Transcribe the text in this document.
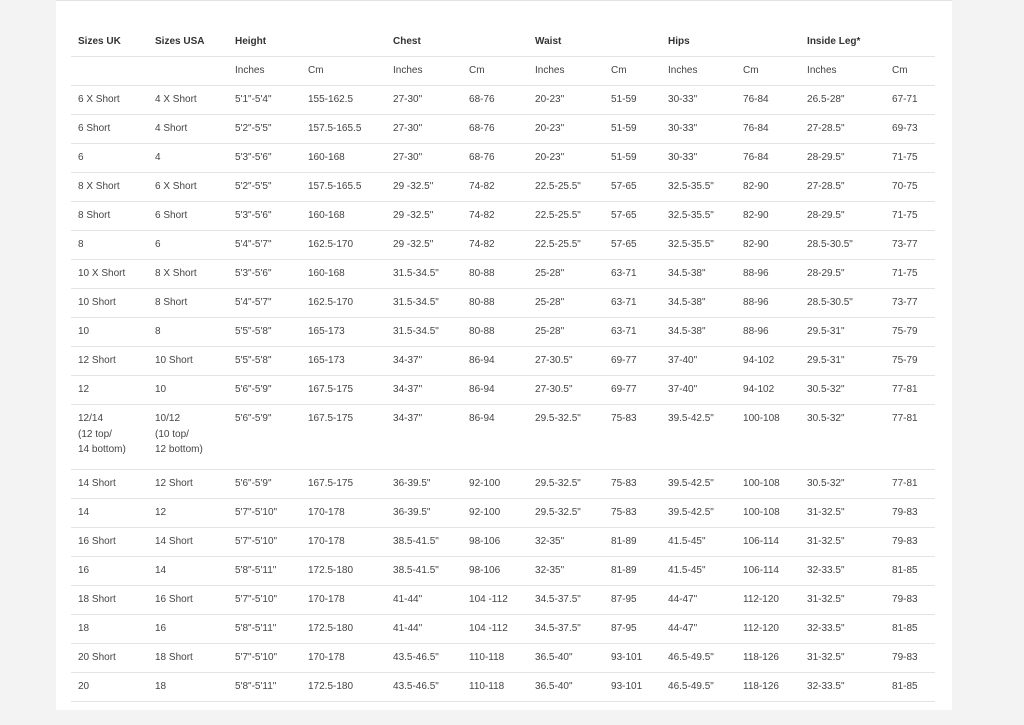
Sizes UK	Sizes USA	Height		Chest		Waist		Hips		Inside Leg*	
		Inches	Cm	Inches	Cm	Inches	Cm	Inches	Cm	Inches	Cm
6 X Short	4 X Short	5'1"-5'4"	155-162.5	27-30"	68-76	20-23"	51-59	30-33"	76-84	26.5-28"	67-71
6 Short	4 Short	5'2"-5'5"	157.5-165.5	27-30"	68-76	20-23"	51-59	30-33"	76-84	27-28.5"	69-73
6	4	5'3"-5'6"	160-168	27-30"	68-76	20-23"	51-59	30-33"	76-84	28-29.5"	71-75
8 X Short	6 X Short	5'2"-5'5"	157.5-165.5	29 -32.5"	74-82	22.5-25.5"	57-65	32.5-35.5"	82-90	27-28.5"	70-75
8 Short	6 Short	5'3"-5'6"	160-168	29 -32.5"	74-82	22.5-25.5"	57-65	32.5-35.5"	82-90	28-29.5"	71-75
8	6	5'4"-5'7"	162.5-170	29 -32.5"	74-82	22.5-25.5"	57-65	32.5-35.5"	82-90	28.5-30.5"	73-77
10 X Short	8 X Short	5'3"-5'6"	160-168	31.5-34.5"	80-88	25-28"	63-71	34.5-38"	88-96	28-29.5"	71-75
10 Short	8 Short	5'4"-5'7"	162.5-170	31.5-34.5"	80-88	25-28"	63-71	34.5-38"	88-96	28.5-30.5"	73-77
10	8	5'5"-5'8"	165-173	31.5-34.5"	80-88	25-28"	63-71	34.5-38"	88-96	29.5-31"	75-79
12 Short	10 Short	5'5"-5'8"	165-173	34-37"	86-94	27-30.5"	69-77	37-40"	94-102	29.5-31"	75-79
12	10	5'6"-5'9"	167.5-175	34-37"	86-94	27-30.5"	69-77	37-40"	94-102	30.5-32"	77-81

12/14
(12 top/
14 bottom)	10/12
(10 top/
12 bottom)	5'6"-5'9"	167.5-175	34-37"	86-94	29.5-32.5"	75-83	39.5-42.5"	100-108	30.5-32"	77-81
14 Short	12 Short	5'6"-5'9"	167.5-175	36-39.5"	92-100	29.5-32.5"	75-83	39.5-42.5"	100-108	30.5-32"	77-81
14	12	5'7"-5'10"	170-178	36-39.5"	92-100	29.5-32.5"	75-83	39.5-42.5"	100-108	31-32.5"	79-83
16 Short	14 Short	5'7"-5'10"	170-178	38.5-41.5"	98-106	32-35"	81-89	41.5-45"	106-114	31-32.5"	79-83
16	14	5'8"-5'11"	172.5-180	38.5-41.5"	98-106	32-35"	81-89	41.5-45"	106-114	32-33.5"	81-85
18 Short	16 Short	5'7"-5'10"	170-178	41-44"	104 -112	34.5-37.5"	87-95	44-47"	112-120	31-32.5"	79-83
18	16	5'8"-5'11"	172.5-180	41-44"	104 -112	34.5-37.5"	87-95	44-47"	112-120	32-33.5"	81-85
20 Short	18 Short	5'7"-5'10"	170-178	43.5-46.5"	110-118	36.5-40"	93-101	46.5-49.5"	118-126	31-32.5"	79-83
20	18	5'8"-5'11"	172.5-180	43.5-46.5"	110-118	36.5-40"	93-101	46.5-49.5"	118-126	32-33.5"	81-85
